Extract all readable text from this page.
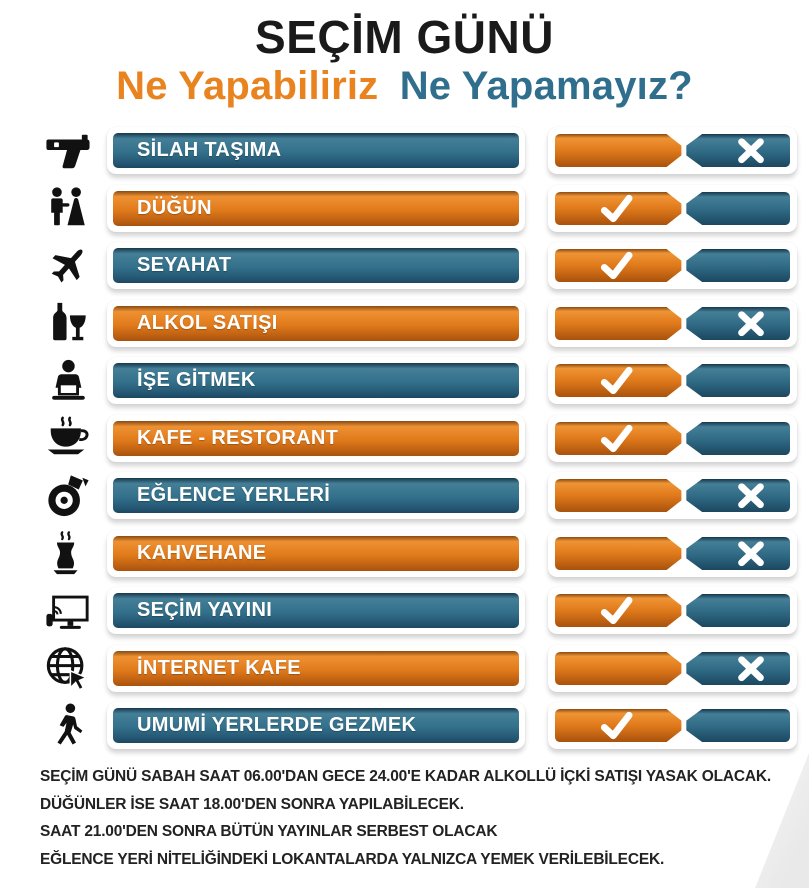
SEÇİM GÜNÜ
Ne Yapabiliriz Ne Yapamayız?
SİLAH TAŞIMA
DÜĞÜN
SEYAHAT
ALKOL SATIŞI
İŞE GİTMEK
KAFE - RESTORANT
EĞLENCE YERLERİ
KAHVEHANE
SEÇİM YAYINI
İNTERNET KAFE
UMUMİ YERLERDE GEZMEK

SEÇİM GÜNÜ SABAH SAAT 06.00'DAN GECE 24.00'E KADAR ALKOLLÜ İÇKİ SATIŞI YASAK OLACAK.

DÜĞÜNLER İSE SAAT 18.00'DEN SONRA YAPILABİLECEK.

SAAT 21.00'DEN SONRA BÜTÜN YAYINLAR SERBEST OLACAK

EĞLENCE YERİ NİTELİĞİNDEKİ LOKANTALARDA YALNIZCA YEMEK VERİLEBİLECEK.
